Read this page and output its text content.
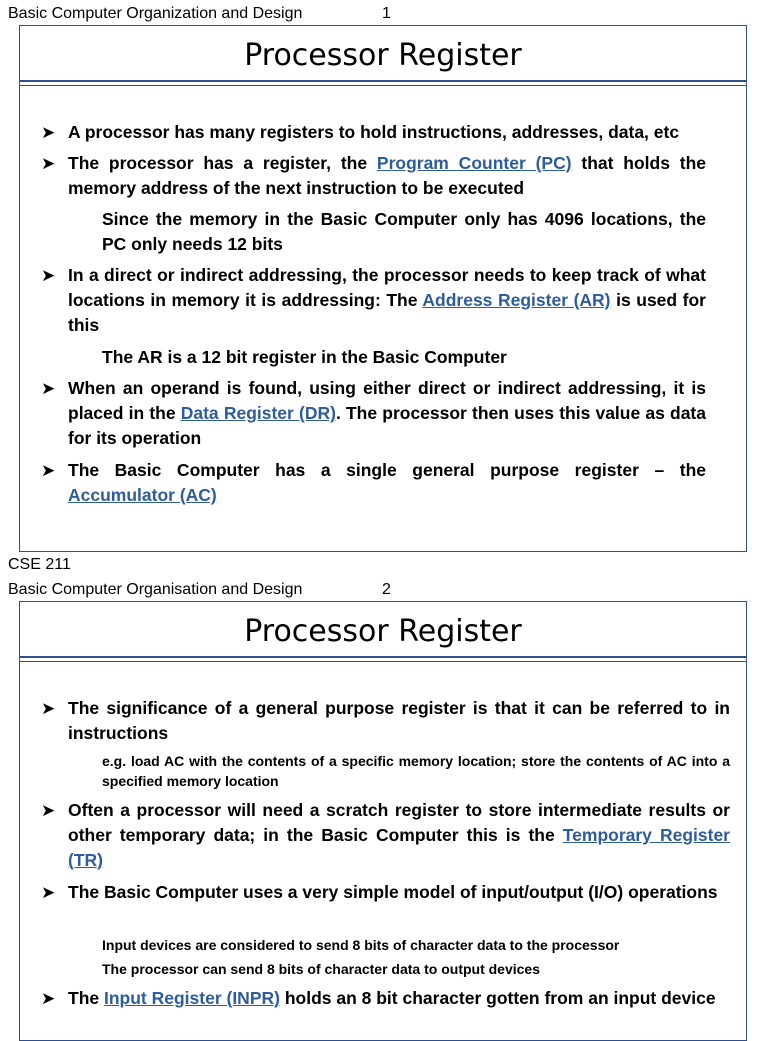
Basic Computer Organization and Design	1
Processor Register
➤ A processor has many registers to hold instructions, addresses, data, etc
➤ The processor has a register, the Program Counter (PC) that holds the memory address of the next instruction to be executed
Since the memory in the Basic Computer only has 4096 locations, the PC only needs 12 bits
➤ In a direct or indirect addressing, the processor needs to keep track of what locations in memory it is addressing: The Address Register (AR) is used for this
The AR is a 12 bit register in the Basic Computer
➤ When an operand is found, using either direct or indirect addressing, it is placed in the Data Register (DR). The processor then uses this value as data for its operation
➤ The Basic Computer has a single general purpose register – the Accumulator (AC)
CSE 211
Basic Computer Organisation and Design	2
Processor Register
➤ The significance of a general purpose register is that it can be referred to in instructions
e.g. load AC with the contents of a specific memory location; store the contents of AC into a specified memory location
➤ Often a processor will need a scratch register to store intermediate results or other temporary data; in the Basic Computer this is the Temporary Register (TR)
➤ The Basic Computer uses a very simple model of input/output (I/O) operations
Input devices are considered to send 8 bits of character data to the processor
The processor can send 8 bits of character data to output devices
➤ The Input Register (INPR) holds an 8 bit character gotten from an input device
